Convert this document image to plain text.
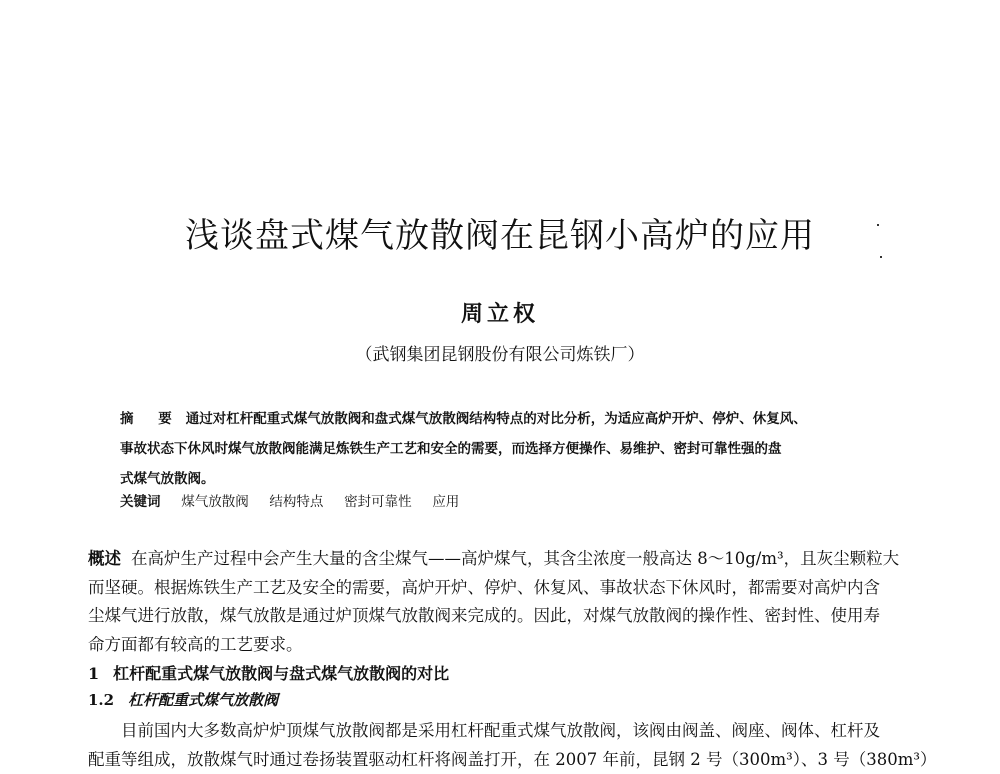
浅谈盘式煤气放散阀在昆钢小高炉的应用
周立权
（武钢集团昆钢股份有限公司炼铁厂）
摘 要 通过对杠杆配重式煤气放散阀和盘式煤气放散阀结构特点的对比分析，为适应高炉开炉、停炉、休复风、
事故状态下休风时煤气放散阀能满足炼铁生产工艺和安全的需要，而选择方便操作、易维护、密封可靠性强的盘
式煤气放散阀。
关键词 煤气放散阀 结构特点 密封可靠性 应用
概述 在高炉生产过程中会产生大量的含尘煤气——高炉煤气，其含尘浓度一般高达 8～10g/m³，且灰尘颗粒大
而坚硬。根据炼铁生产工艺及安全的需要，高炉开炉、停炉、休复风、事故状态下休风时，都需要对高炉内含
尘煤气进行放散，煤气放散是通过炉顶煤气放散阀来完成的。因此，对煤气放散阀的操作性、密封性、使用寿
命方面都有较高的工艺要求。
1 杠杆配重式煤气放散阀与盘式煤气放散阀的对比
1.2 杠杆配重式煤气放散阀
目前国内大多数高炉炉顶煤气放散阀都是采用杠杆配重式煤气放散阀，该阀由阀盖、阀座、阀体、杠杆及
配重等组成，放散煤气时通过卷扬装置驱动杠杆将阀盖打开，在 2007 年前，昆钢 2 号（300m³）、3 号（380m³）
